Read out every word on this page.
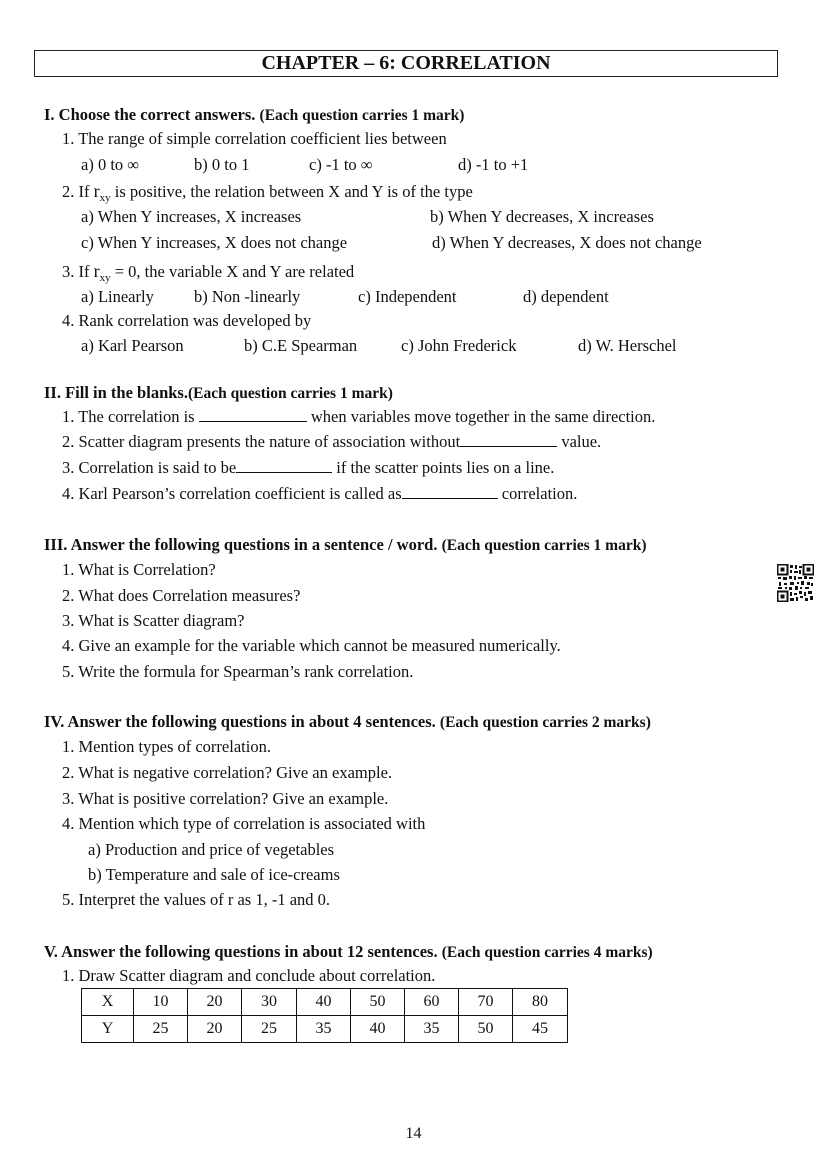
CHAPTER – 6: CORRELATION
I. Choose the correct answers. (Each question carries 1 mark)
1. The range of simple correlation coefficient lies between
a) 0 to ∞	b) 0 to 1	c) -1 to ∞	d) -1 to +1
2. If $r_{xy}$ is positive, the relation between X and Y is of the type
a) When Y increases, X increases	b) When Y decreases, X increases
c) When Y increases, X does not change	d) When Y decreases, X does not change
3. If $r_{xy} = 0$, the variable X and Y are related
a) Linearly b) Non -linearly	c) Independent	d) dependent
4. Rank correlation was developed by
a) Karl Pearson	b) C.E Spearman	c) John Frederick	d) W. Herschel
II. Fill in the blanks.(Each question carries 1 mark)
1. The correlation is	when variables move together in the same direction.
2. Scatter diagram presents the nature of association without	value.
3. Correlation is said to be	if the scatter points lies on a line.
4. Karl Pearson’s correlation coefficient is called as	correlation.
III. Answer the following questions in a sentence / word. (Each question carries 1 mark)
1. What is Correlation?
2. What does Correlation measures?
3. What is Scatter diagram?
4. Give an example for the variable which cannot be measured numerically.
5. Write the formula for Spearman’s rank correlation.
IV. Answer the following questions in about 4 sentences. (Each question carries 2 marks)
1. Mention types of correlation.
2. What is negative correlation? Give an example.
3. What is positive correlation? Give an example.
4. Mention which type of correlation is associated with
a) Production and price of vegetables
b) Temperature and sale of ice-creams
5. Interpret the values of r as 1, -1 and 0.
V. Answer the following questions in about 12 sentences. (Each question carries 4 marks)
1. Draw Scatter diagram and conclude about correlation.
X	10	20	30	40	50	60	70	80
Y	25	20	25	35	40	35	50	45
14
